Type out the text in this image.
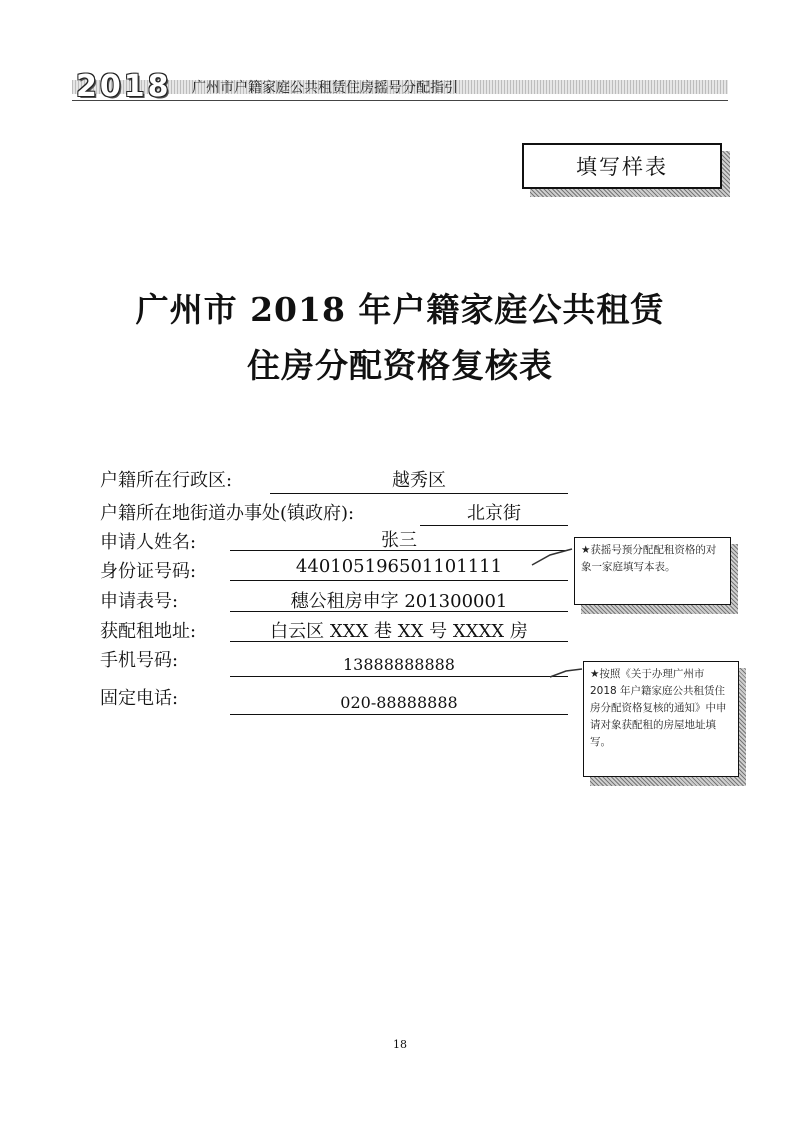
2018 广州市户籍家庭公共租赁住房摇号分配指引
填写样表
广州市 2018 年户籍家庭公共租赁
住房分配资格复核表
户籍所在行政区:	越秀区
户籍所在地街道办事处(镇政府):	北京街
申请人姓名:	张三
身份证号码:	440105196501101111
申请表号:	穗公租房申字 201300001
获配租地址:	白云区 XXX 巷 XX 号 XXXX 房
手机号码:	13888888888
固定电话:	020-88888888
★获摇号预分配配租资格的对象一家庭填写本表。
★按照《关于办理广州市 2018 年户籍家庭公共租赁住房分配资格复核的通知》中申请对象获配租的房屋地址填写。
18
